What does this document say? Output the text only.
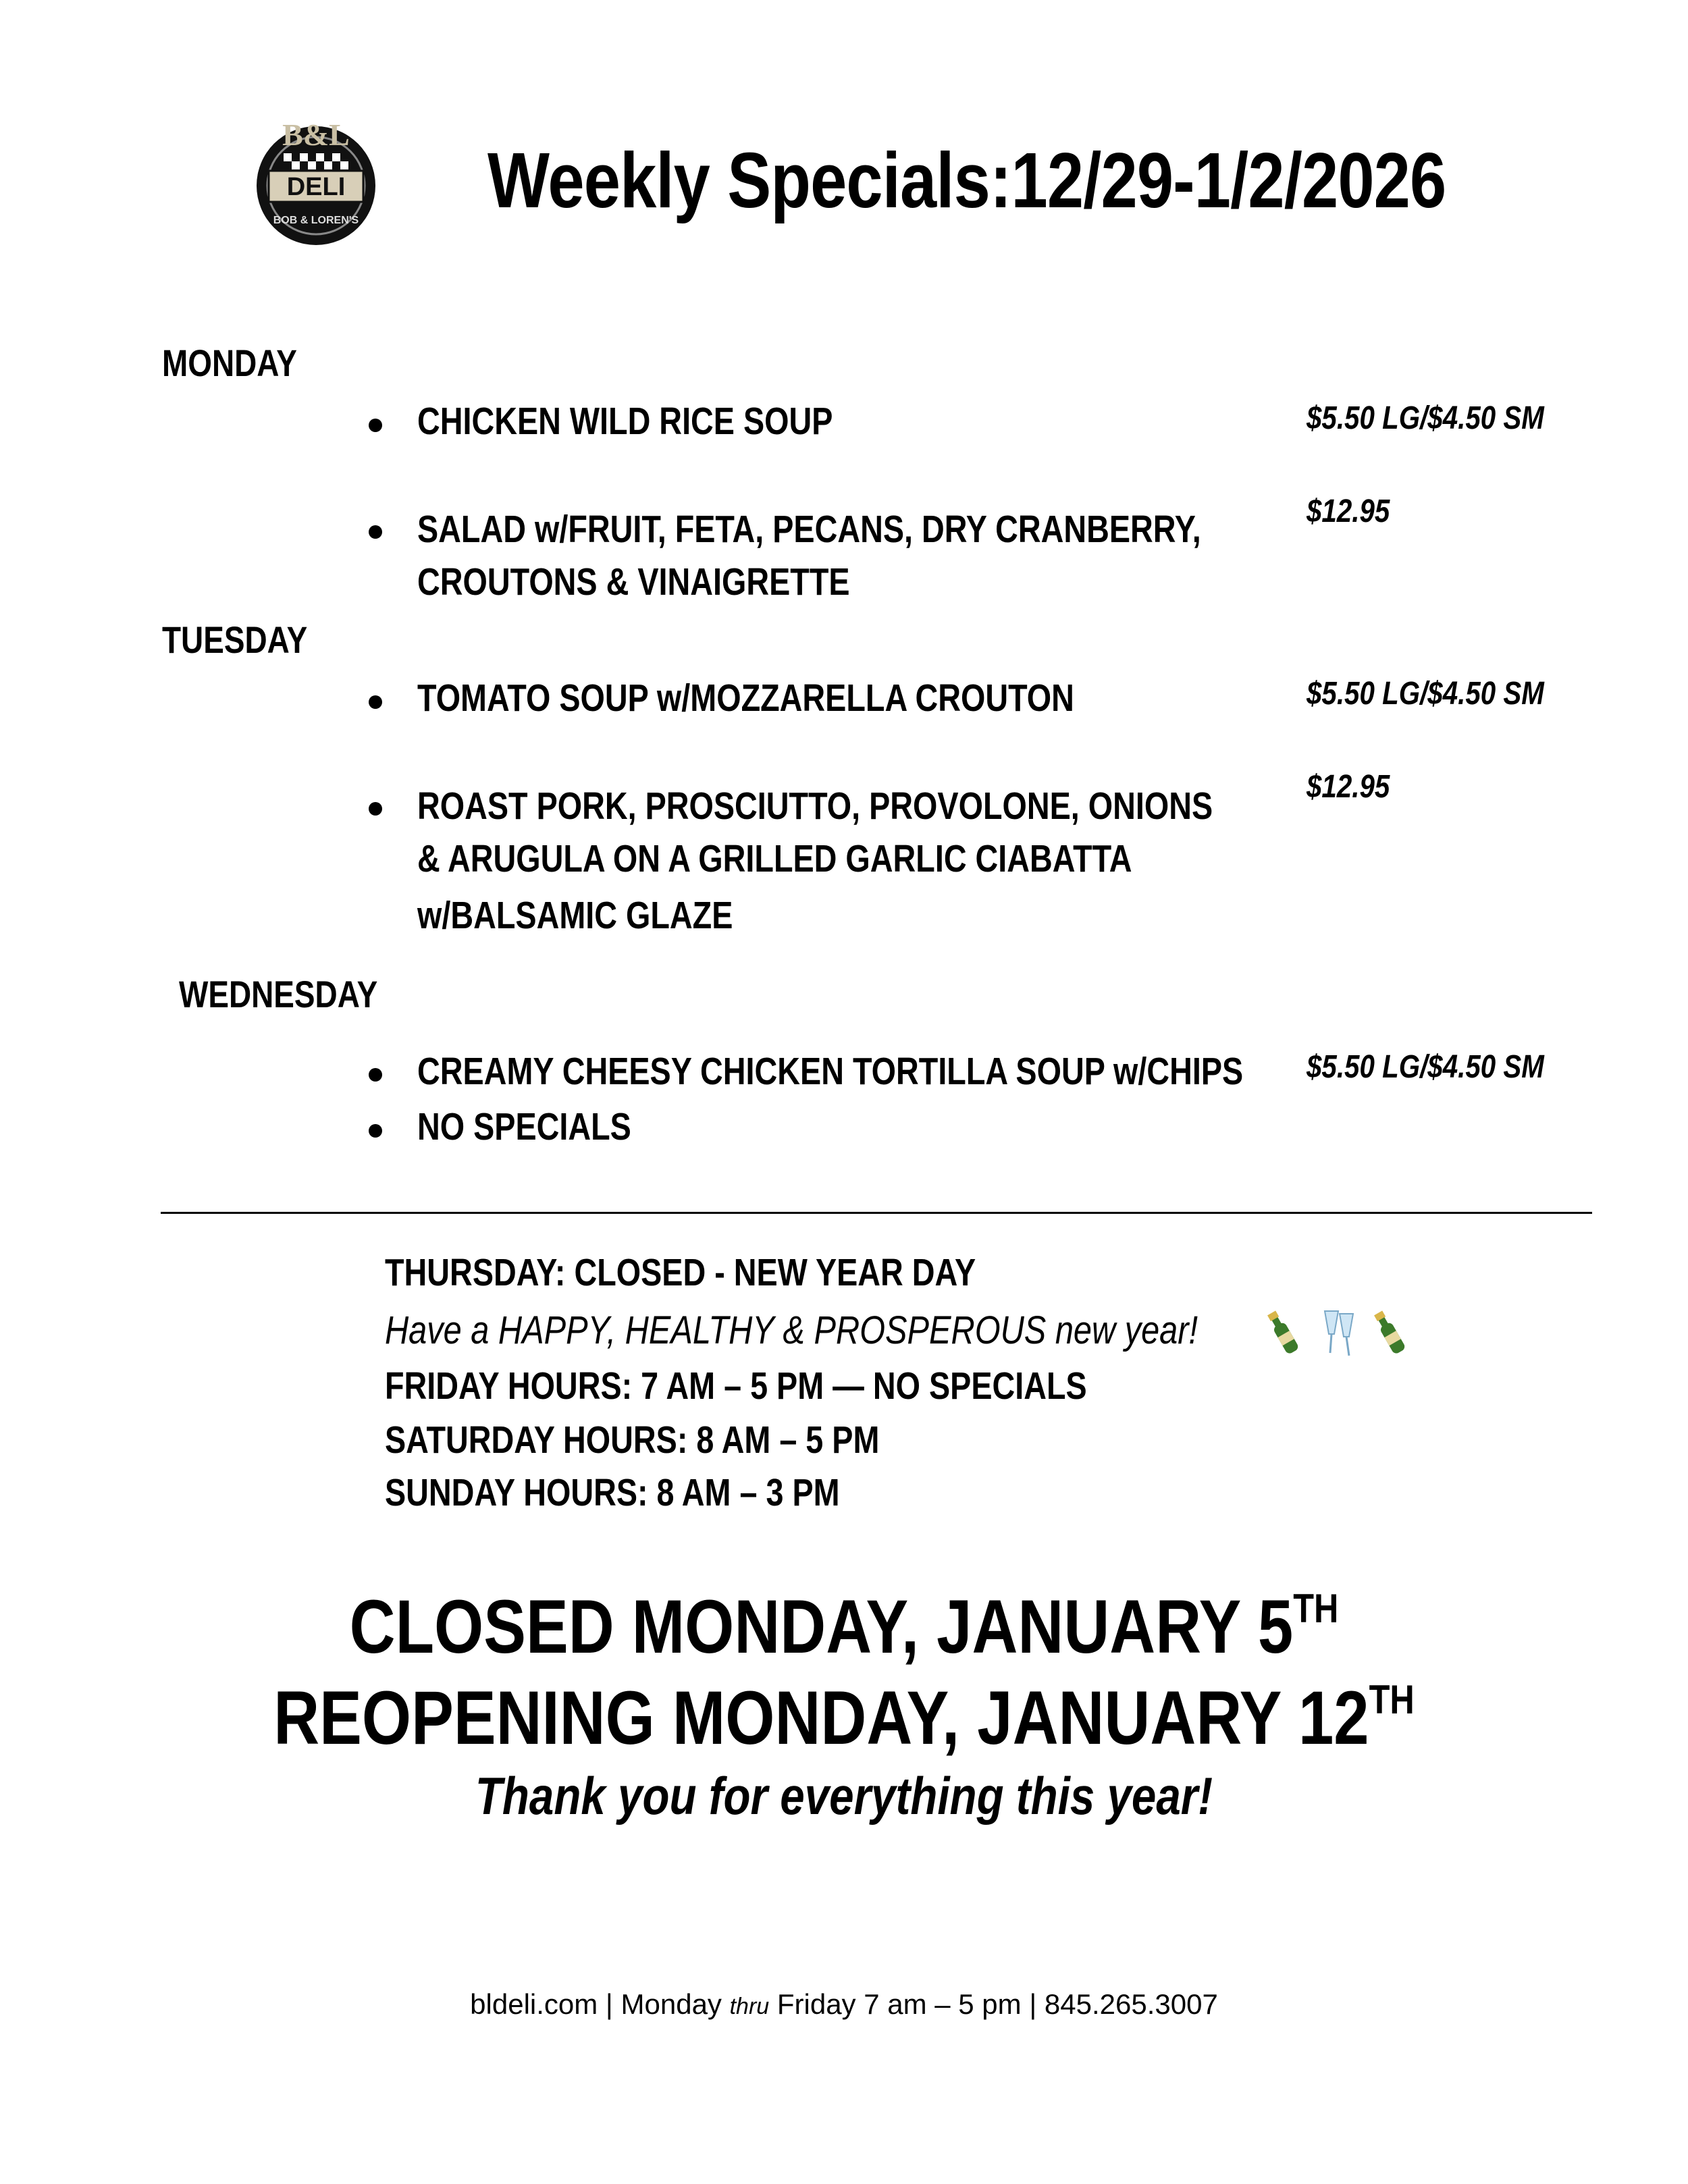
DELI
B&L
BOB & LOREN'S Weekly Specials:12/29-1/2/2026
MONDAY
CHICKEN WILD RICE SOUP	$5.50 LG/$4.50 SM
SALAD w/FRUIT, FETA, PECANS, DRY CRANBERRY,
CROUTONS & VINAIGRETTE
$12.95
TUESDAY
TOMATO SOUP w/MOZZARELLA CROUTON	$5.50 LG/$4.50 SM
ROAST PORK, PROSCIUTTO, PROVOLONE, ONIONS
& ARUGULA ON A GRILLED GARLIC CIABATTA
w/BALSAMIC GLAZE
$12.95
WEDNESDAY
CREAMY CHEESY CHICKEN TORTILLA SOUP w/CHIPS $5.50 LG/$4.50 SM
NO SPECIALS
THURSDAY: CLOSED - NEW YEAR DAY
Have a HAPPY, HEALTHY & PROSPEROUS new year!
FRIDAY HOURS: 7 AM – 5 PM — NO SPECIALS
SATURDAY HOURS: 8 AM – 5 PM
SUNDAY HOURS: 8 AM – 3 PM
CLOSED MONDAY, JANUARY 5TH
REOPENING MONDAY, JANUARY 12TH
Thank you for everything this year!
bldeli.com | Monday thru Friday 7 am – 5 pm | 845.265.3007
